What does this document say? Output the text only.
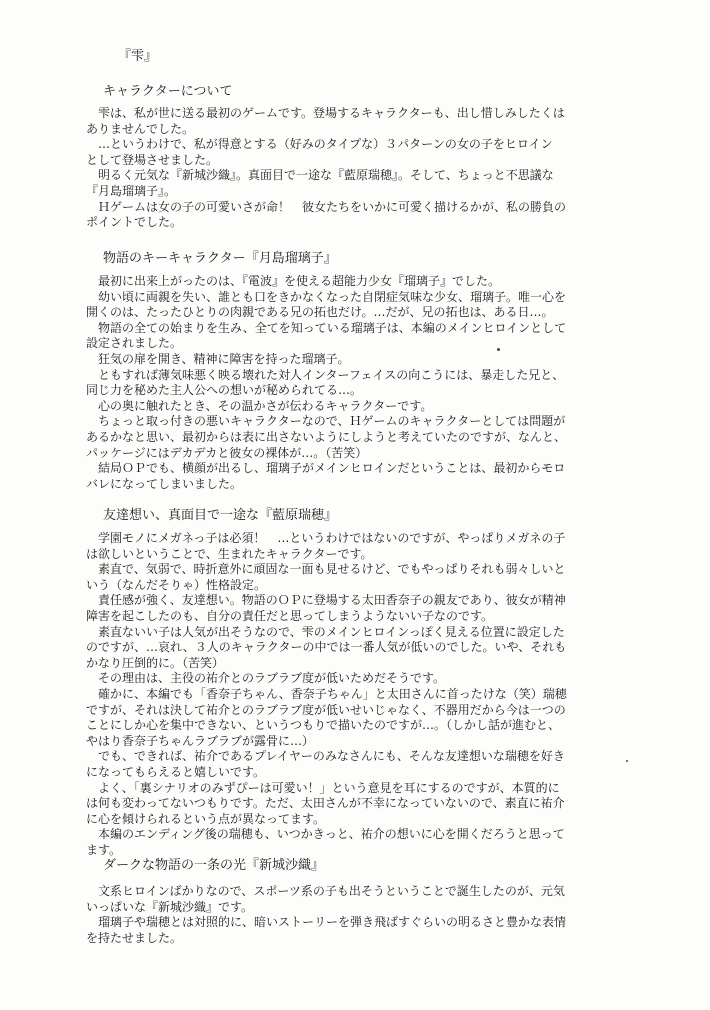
『雫』
キャラクターについて
　雫は、私が世に送る最初のゲームです。登場するキャラクターも、出し惜しみしたくは
ありませんでした。
　…というわけで、私が得意とする（好みのタイプな）３パターンの女の子をヒロイン
として登場させました。
　明るく元気な『新城沙織』。真面目で一途な『藍原瑞穂』。そして、ちょっと不思議な
『月島瑠璃子』。
　Ｈゲームは女の子の可愛いさが命！　彼女たちをいかに可愛く描けるかが、私の勝負の
ポイントでした。
物語のキーキャラクター『月島瑠璃子』
　最初に出来上がったのは、『電波』を使える超能力少女『瑠璃子』でした。
　幼い頃に両親を失い、誰とも口をきかなくなった自閉症気味な少女、瑠璃子。唯一心を
開くのは、たったひとりの肉親である兄の拓也だけ。…だが、兄の拓也は、ある日…。
　物語の全ての始まりを生み、全てを知っている瑠璃子は、本編のメインヒロインとして
設定されました。
　狂気の扉を開き、精神に障害を持った瑠璃子。
　ともすれば薄気味悪く映る壊れた対人インターフェイスの向こうには、暴走した兄と、
同じ力を秘めた主人公への想いが秘められてる…。
　心の奥に触れたとき、その温かさが伝わるキャラクターです。
　ちょっと取っ付きの悪いキャラクターなので、Ｈゲームのキャラクターとしては問題が
あるかなと思い、最初からは表に出さないようにしようと考えていたのですが、なんと、
パッケージにはデカデカと彼女の裸体が…。（苦笑）
　結局ＯＰでも、横顔が出るし、瑠璃子がメインヒロインだということは、最初からモロ
バレになってしまいました。
友達想い、真面目で一途な『藍原瑞穂』
　学園モノにメガネっ子は必須！　…というわけではないのですが、やっぱりメガネの子
は欲しいということで、生まれたキャラクターです。
　素直で、気弱で、時折意外に頑固な一面も見せるけど、でもやっぱりそれも弱々しいと
いう（なんだそりゃ）性格設定。
　責任感が強く、友達想い。物語のＯＰに登場する太田香奈子の親友であり、彼女が精神
障害を起こしたのも、自分の責任だと思ってしまうようないい子なのです。
　素直ないい子は人気が出そうなので、雫のメインヒロインっぽく見える位置に設定した
のですが、…哀れ、３人のキャラクターの中では一番人気が低いのでした。いや、それも
かなり圧倒的に。（苦笑）
　その理由は、主役の祐介とのラブラブ度が低いためだそうです。
　確かに、本編でも「香奈子ちゃん、香奈子ちゃん」と太田さんに首ったけな（笑）瑞穂
ですが、それは決して祐介とのラブラブ度が低いせいじゃなく、不器用だから今は一つの
ことにしか心を集中できない、というつもりで描いたのですが…。（しかし話が進むと、
やはり香奈子ちゃんラブラブが露骨に…）
　でも、できれば、祐介であるプレイヤーのみなさんにも、そんな友達想いな瑞穂を好き
になってもらえると嬉しいです。
　よく、「裏シナリオのみずぴーは可愛い！」という意見を耳にするのですが、本質的に
は何も変わってないつもりです。ただ、太田さんが不幸になっていないので、素直に祐介
に心を傾けられるという点が異なってます。
　本編のエンディング後の瑞穂も、いつかきっと、祐介の想いに心を開くだろうと思って
ます。
ダークな物語の一条の光『新城沙織』
　文系ヒロインばかりなので、スポーツ系の子も出そうということで誕生したのが、元気
いっぱいな『新城沙織』です。
　瑠璃子や瑞穂とは対照的に、暗いストーリーを弾き飛ばすぐらいの明るさと豊かな表情
を持たせました。
